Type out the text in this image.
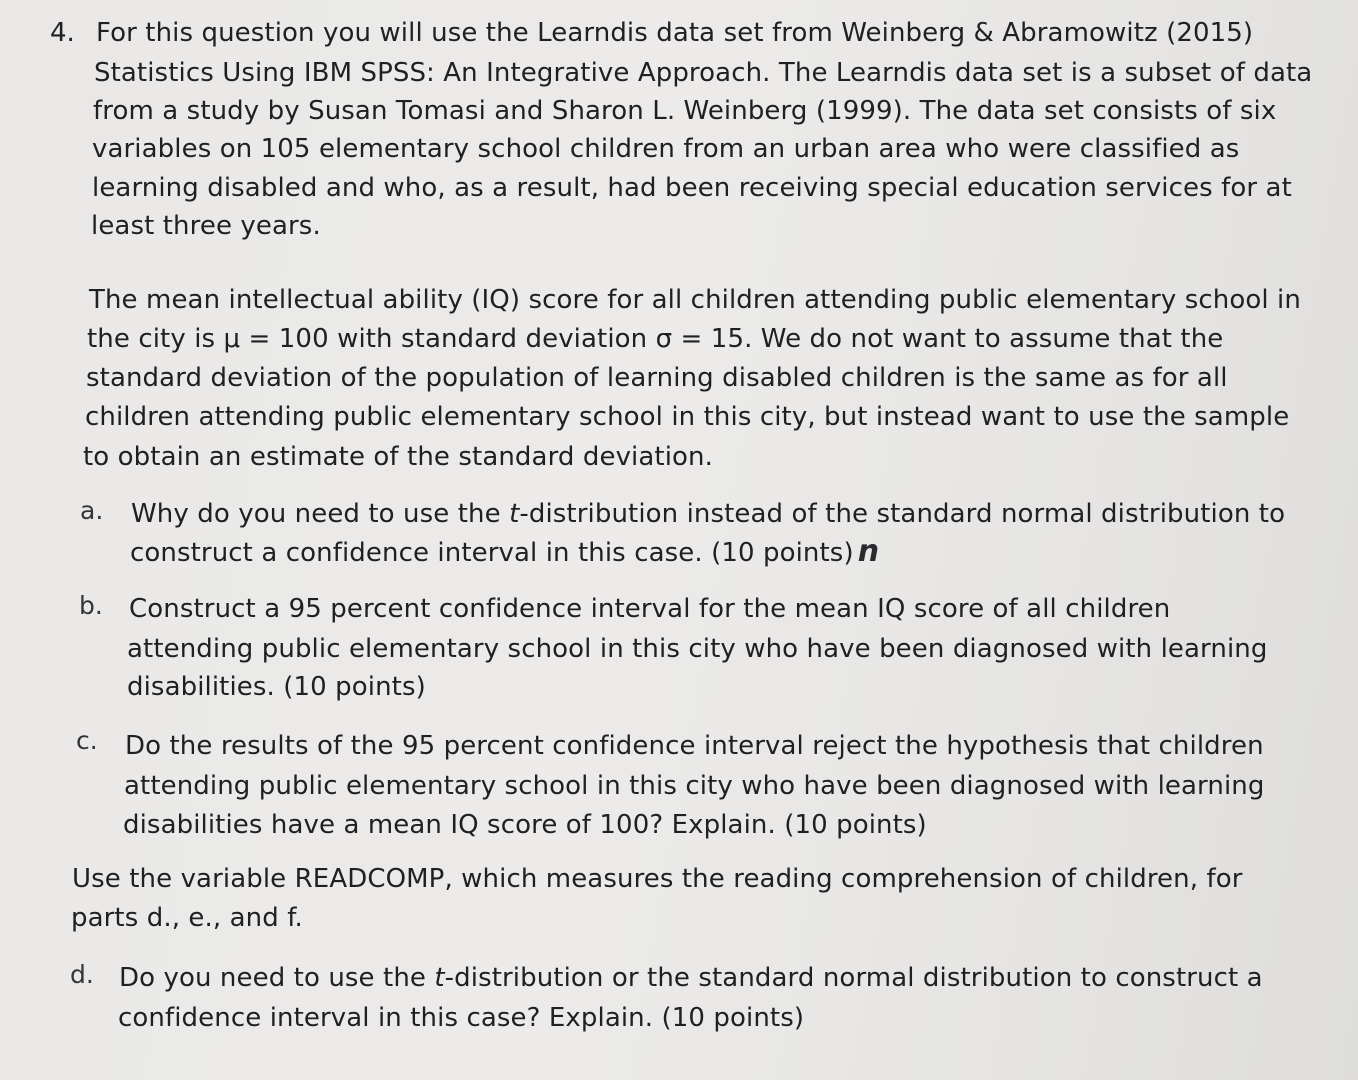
4. For this question you will use the Learndis data set from Weinberg & Abramowitz (2015)
Statistics Using IBM SPSS: An Integrative Approach. The Learndis data set is a subset of data
from a study by Susan Tomasi and Sharon L. Weinberg (1999). The data set consists of six
variables on 105 elementary school children from an urban area who were classified as
learning disabled and who, as a result, had been receiving special education services for at
least three years.
The mean intellectual ability (IQ) score for all children attending public elementary school in
the city is μ = 100 with standard deviation σ = 15. We do not want to assume that the
standard deviation of the population of learning disabled children is the same as for all
children attending public elementary school in this city, but instead want to use the sample
to obtain an estimate of the standard deviation.
a. Why do you need to use the t-distribution instead of the standard normal distribution to
construct a confidence interval in this case. (10 points) n
b. Construct a 95 percent confidence interval for the mean IQ score of all children
attending public elementary school in this city who have been diagnosed with learning
disabilities. (10 points)
c. Do the results of the 95 percent confidence interval reject the hypothesis that children
attending public elementary school in this city who have been diagnosed with learning
disabilities have a mean IQ score of 100? Explain. (10 points)
Use the variable READCOMP, which measures the reading comprehension of children, for
parts d., e., and f.
d. Do you need to use the t-distribution or the standard normal distribution to construct a
confidence interval in this case? Explain. (10 points)
